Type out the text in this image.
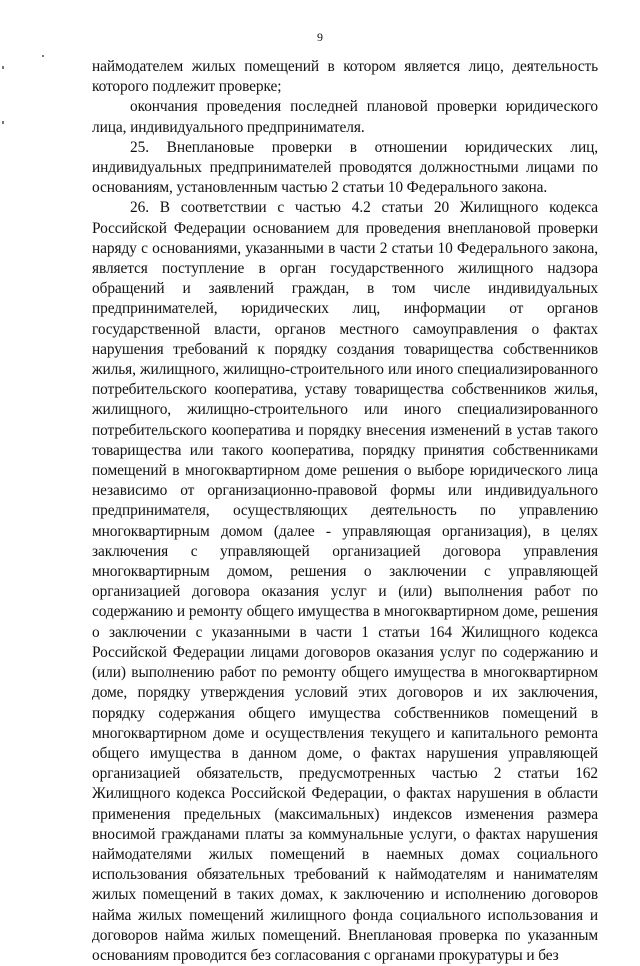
9

наймодателем жилых помещений в котором является лицо, деятельность которого подлежит проверке;

окончания проведения последней плановой проверки юридического лица, индивидуального предпринимателя.

25. Внеплановые проверки в отношении юридических лиц, индивидуальных предпринимателей проводятся должностными лицами по основаниям, установленным частью 2 статьи 10 Федерального закона.

26. В соответствии с частью 4.2 статьи 20 Жилищного кодекса Российской Федерации основанием для проведения внеплановой проверки наряду с основаниями, указанными в части 2 статьи 10 Федерального закона, является поступление в орган государственного жилищного надзора обращений и заявлений граждан, в том числе индивидуальных предпринимателей, юридических лиц, информации от органов государственной власти, органов местного самоуправления о фактах нарушения требований к порядку создания товарищества собственников жилья, жилищного, жилищно-строительного или иного специализированного потребительского кооператива, уставу товарищества собственников жилья, жилищного, жилищно-строительного или иного специализированного потребительского кооператива и порядку внесения изменений в устав такого товарищества или такого кооператива, порядку принятия собственниками помещений в многоквартирном доме решения о выборе юридического лица независимо от организационно-правовой формы или индивидуального предпринимателя, осуществляющих деятельность по управлению многоквартирным домом (далее - управляющая организация), в целях заключения с управляющей организацией договора управления многоквартирным домом, решения о заключении с управляющей организацией договора оказания услуг и (или) выполнения работ по содержанию и ремонту общего имущества в многоквартирном доме, решения о заключении с указанными в части 1 статьи 164 Жилищного кодекса Российской Федерации лицами договоров оказания услуг по содержанию и (или) выполнению работ по ремонту общего имущества в многоквартирном доме, порядку утверждения условий этих договоров и их заключения, порядку содержания общего имущества собственников помещений в многоквартирном доме и осуществления текущего и капитального ремонта общего имущества в данном доме, о фактах нарушения управляющей организацией обязательств, предусмотренных частью 2 статьи 162 Жилищного кодекса Российской Федерации, о фактах нарушения в области применения предельных (максимальных) индексов изменения размера вносимой гражданами платы за коммунальные услуги, о фактах нарушения наймодателями жилых помещений в наемных домах социального использования обязательных требований к наймодателям и нанимателям жилых помещений в таких домах, к заключению и исполнению договоров найма жилых помещений жилищного фонда социального использования и договоров найма жилых помещений. Внеплановая проверка по указанным основаниям проводится без согласования с органами прокуратуры и без
